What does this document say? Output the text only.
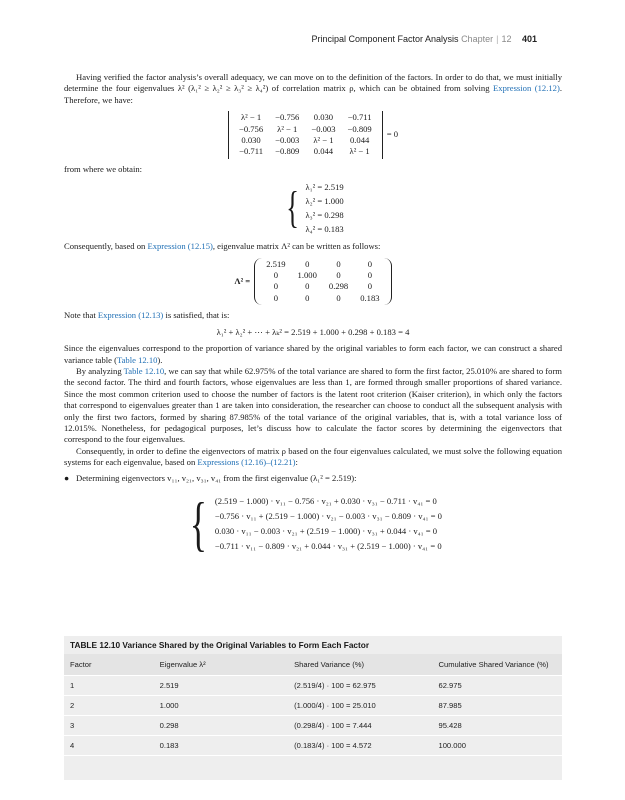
Principal Component Factor Analysis Chapter | 12 401

Having verified the factor analysis’s overall adequacy, we can move on to the definition of the factors. In order to do that, we must initially determine the four eigenvalues λ² (λ₁² ≥ λ₂² ≥ λ₃² ≥ λ₄²) of correlation matrix ρ, which can be obtained from solving Expression (12.12). Therefore, we have:

λ² − 1	−0.756	0.030	−0.711
−0.756	λ² − 1	−0.003	−0.809
0.030	−0.003	λ² − 1	0.044
−0.711	−0.809	0.044	λ² − 1
= 0

from where we obtain:

{ λ₁² = 2.519
λ₂² = 1.000
λ₃² = 0.298
λ₄² = 0.183

Consequently, based on Expression (12.15), eigenvalue matrix Λ² can be written as follows:

Λ² =
2.519	0	0	0
0	1.000	0	0
0	0	0.298	0
0	0	0	0.183

Note that Expression (12.13) is satisfied, that is:

λ₁² + λ₂² + ⋯ + λₖ² = 2.519 + 1.000 + 0.298 + 0.183 = 4

Since the eigenvalues correspond to the proportion of variance shared by the original variables to form each factor, we can construct a shared variance table (Table 12.10).

By analyzing Table 12.10, we can say that while 62.975% of the total variance are shared to form the first factor, 25.010% are shared to form the second factor. The third and fourth factors, whose eigenvalues are less than 1, are formed through smaller proportions of shared variance. Since the most common criterion used to choose the number of factors is the latent root criterion (Kaiser criterion), in which only the factors that correspond to eigenvalues greater than 1 are taken into consideration, the researcher can choose to conduct all the subsequent analysis with only the first two factors, formed by sharing 87.985% of the total variance of the original variables, that is, with a total variance loss of 12.015%. Nonetheless, for pedagogical purposes, let’s discuss how to calculate the factor scores by determining the eigenvectors that correspond to the four eigenvalues.

Consequently, in order to define the eigenvectors of matrix ρ based on the four eigenvalues calculated, we must solve the following equation systems for each eigenvalue, based on Expressions (12.16)–(12.21):

● Determining eigenvectors v₁₁, v₂₁, v₃₁, v₄₁ from the first eigenvalue (λ₁² = 2.519):
{ (2.519 − 1.000) · v₁₁ − 0.756 · v₂₁ + 0.030 · v₃₁ − 0.711 · v₄₁ = 0
−0.756 · v₁₁ + (2.519 − 1.000) · v₂₁ − 0.003 · v₃₁ − 0.809 · v₄₁ = 0
0.030 · v₁₁ − 0.003 · v₂₁ + (2.519 − 1.000) · v₃₁ + 0.044 · v₄₁ = 0
−0.711 · v₁₁ − 0.809 · v₂₁ + 0.044 · v₃₁ + (2.519 − 1.000) · v₄₁ = 0
TABLE 12.10 Variance Shared by the Original Variables to Form Each Factor
Factor	Eigenvalue λ²	Shared Variance (%)	Cumulative Shared Variance (%)
1	2.519	(2.519/4) · 100 = 62.975	62.975
2	1.000	(1.000/4) · 100 = 25.010	87.985
3	0.298	(0.298/4) · 100 = 7.444	95.428
4	0.183	(0.183/4) · 100 = 4.572	100.000
